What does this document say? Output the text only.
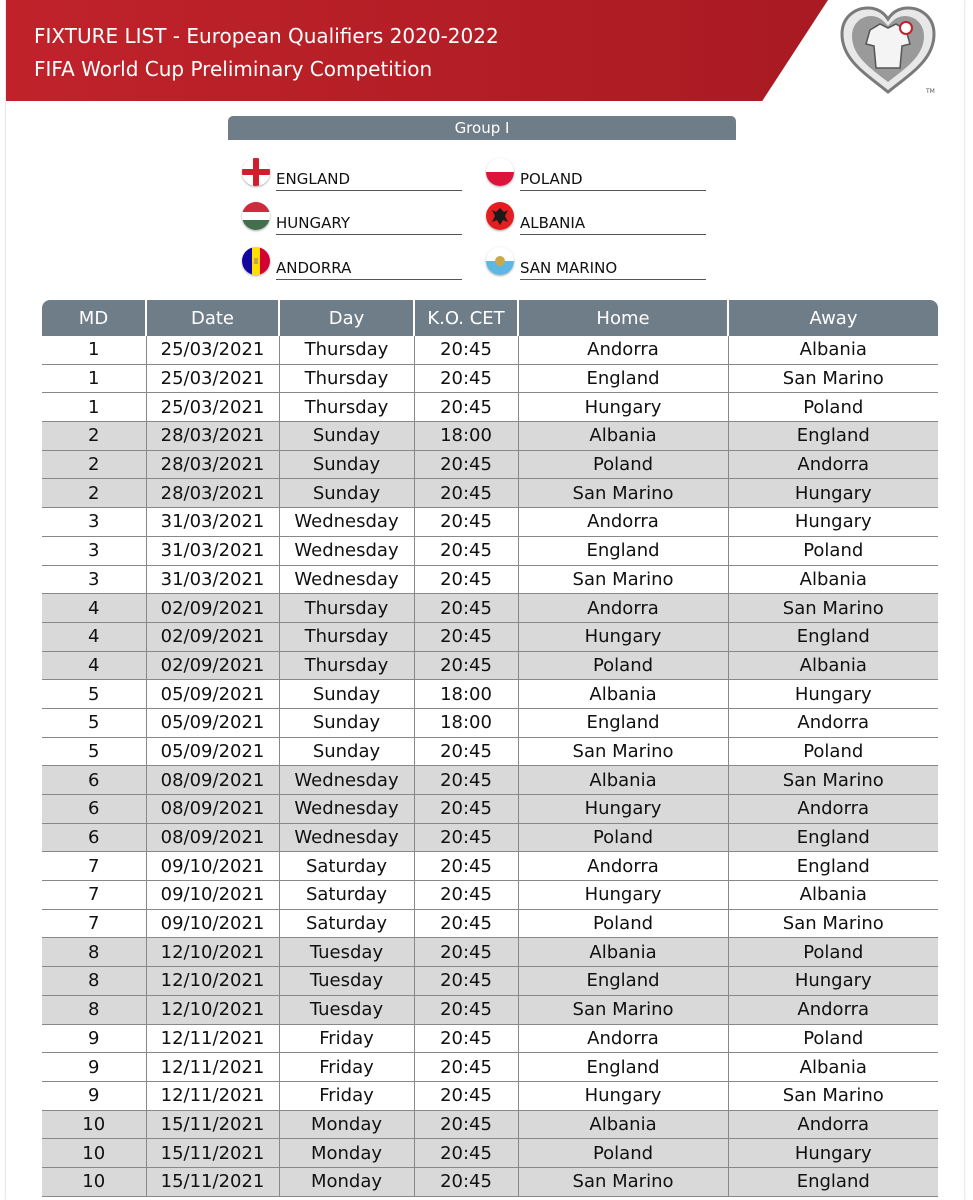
FIXTURE LIST - European Qualifiers 2020-2022
FIFA World Cup Preliminary Competition
TM
Group I
ENGLAND	POLAND
HUNGARY	ALBANIA
ANDORRA	SAN MARINO
MD	Date	Day	K.O. CET	Home	Away
1	25/03/2021	Thursday	20:45	Andorra	Albania
1	25/03/2021	Thursday	20:45	England	San Marino
1	25/03/2021	Thursday	20:45	Hungary	Poland
2	28/03/2021	Sunday	18:00	Albania	England
2	28/03/2021	Sunday	20:45	Poland	Andorra
2	28/03/2021	Sunday	20:45	San Marino	Hungary
3	31/03/2021	Wednesday	20:45	Andorra	Hungary
3	31/03/2021	Wednesday	20:45	England	Poland
3	31/03/2021	Wednesday	20:45	San Marino	Albania
4	02/09/2021	Thursday	20:45	Andorra	San Marino
4	02/09/2021	Thursday	20:45	Hungary	England
4	02/09/2021	Thursday	20:45	Poland	Albania
5	05/09/2021	Sunday	18:00	Albania	Hungary
5	05/09/2021	Sunday	18:00	England	Andorra
5	05/09/2021	Sunday	20:45	San Marino	Poland
6	08/09/2021	Wednesday	20:45	Albania	San Marino
6	08/09/2021	Wednesday	20:45	Hungary	Andorra
6	08/09/2021	Wednesday	20:45	Poland	England
7	09/10/2021	Saturday	20:45	Andorra	England
7	09/10/2021	Saturday	20:45	Hungary	Albania
7	09/10/2021	Saturday	20:45	Poland	San Marino
8	12/10/2021	Tuesday	20:45	Albania	Poland
8	12/10/2021	Tuesday	20:45	England	Hungary
8	12/10/2021	Tuesday	20:45	San Marino	Andorra
9	12/11/2021	Friday	20:45	Andorra	Poland
9	12/11/2021	Friday	20:45	England	Albania
9	12/11/2021	Friday	20:45	Hungary	San Marino
10	15/11/2021	Monday	20:45	Albania	Andorra
10	15/11/2021	Monday	20:45	Poland	Hungary
10	15/11/2021	Monday	20:45	San Marino	England
